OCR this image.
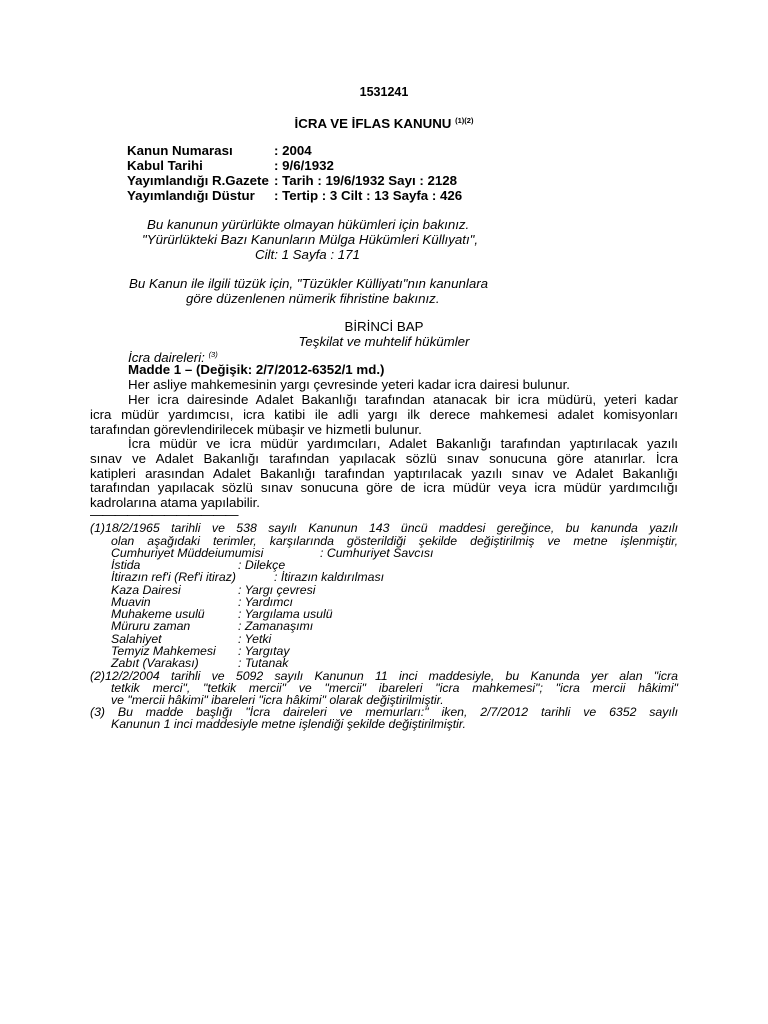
1531241
İCRA VE İFLAS KANUNU $^{(1)(2)}$
Kanun Numarası	: 2004
Kabul Tarihi	: 9/6/1932
Yayımlandığı R.Gazete : Tarih : 19/6/1932 Sayı : 2128
Yayımlandığı Düstur : Tertip : 3 Cilt : 13 Sayfa : 426
Bu kanunun yürürlükte olmayan hükümleri için bakınız.
"Yürürlükteki Bazı Kanunların Mülga Hükümleri Küllıyatı",
Cilt: 1 Sayfa : 171
Bu Kanun ile ilgili tüzük için, "Tüzükler Külliyatı"nın kanunlara
göre düzenlenen nümerik fihristine bakınız.
BİRİNCİ BAP
Teşkilat ve muhtelif hükümler
İcra daireleri: $^{(3)}$
Madde 1 – (Değişik: 2/7/2012-6352/1 md.)
Her asliye mahkemesinin yargı çevresinde yeteri kadar icra dairesi bulunur.
Her icra dairesinde Adalet Bakanlığı tarafından atanacak bir icra müdürü, yeteri kadar
icra müdür yardımcısı, icra katibi ile adli yargı ilk derece mahkemesi adalet komisyonları
tarafından görevlendirilecek mübaşir ve hizmetli bulunur.
İcra müdür ve icra müdür yardımcıları, Adalet Bakanlığı tarafından yaptırılacak yazılı
sınav ve Adalet Bakanlığı tarafından yapılacak sözlü sınav sonucuna göre atanırlar. İcra
katipleri arasından Adalet Bakanlığı tarafından yaptırılacak yazılı sınav ve Adalet Bakanlığı
tarafından yapılacak sözlü sınav sonucuna göre de icra müdür veya icra müdür yardımcılığı
kadrolarına atama yapılabilir.
————————————
(1)18/2/1965 tarihli ve 538 sayılı Kanunun 143 üncü maddesi gereğince, bu kanunda yazılı
olan aşağıdaki terimler, karşılarında gösterildiği şekilde değiştirilmiş ve metne işlenmiştir,
Cumhuriyet Müddeiumumisi	: Cumhuriyet Savcısı
İstida	: Dilekçe
İtirazın ref'i (Ref'i itiraz)	: İtirazın kaldırılması
Kaza Dairesi	: Yargı çevresi
Muavin	: Yardımcı
Muhakeme usulü	: Yargılama usulü
Müruru zaman	: Zamanaşımı
Salahiyet	: Yetki
Temyiz Mahkemesi : Yargıtay
Zabıt (Varakası)	: Tutanak
(2)12/2/2004 tarihli ve 5092 sayılı Kanunun 11 inci maddesiyle, bu Kanunda yer alan "icra
tetkik merci", "tetkik mercii" ve "mercii" ibareleri "icra mahkemesi"; "icra mercii hâkimi"
ve "mercii hâkimi" ibareleri "icra hâkimi" olarak değiştirilmiştir.
(3) Bu madde başlığı "İcra daireleri ve memurları:" iken, 2/7/2012 tarihli ve 6352 sayılı
Kanunun 1 inci maddesiyle metne işlendiği şekilde değiştirilmiştir.
